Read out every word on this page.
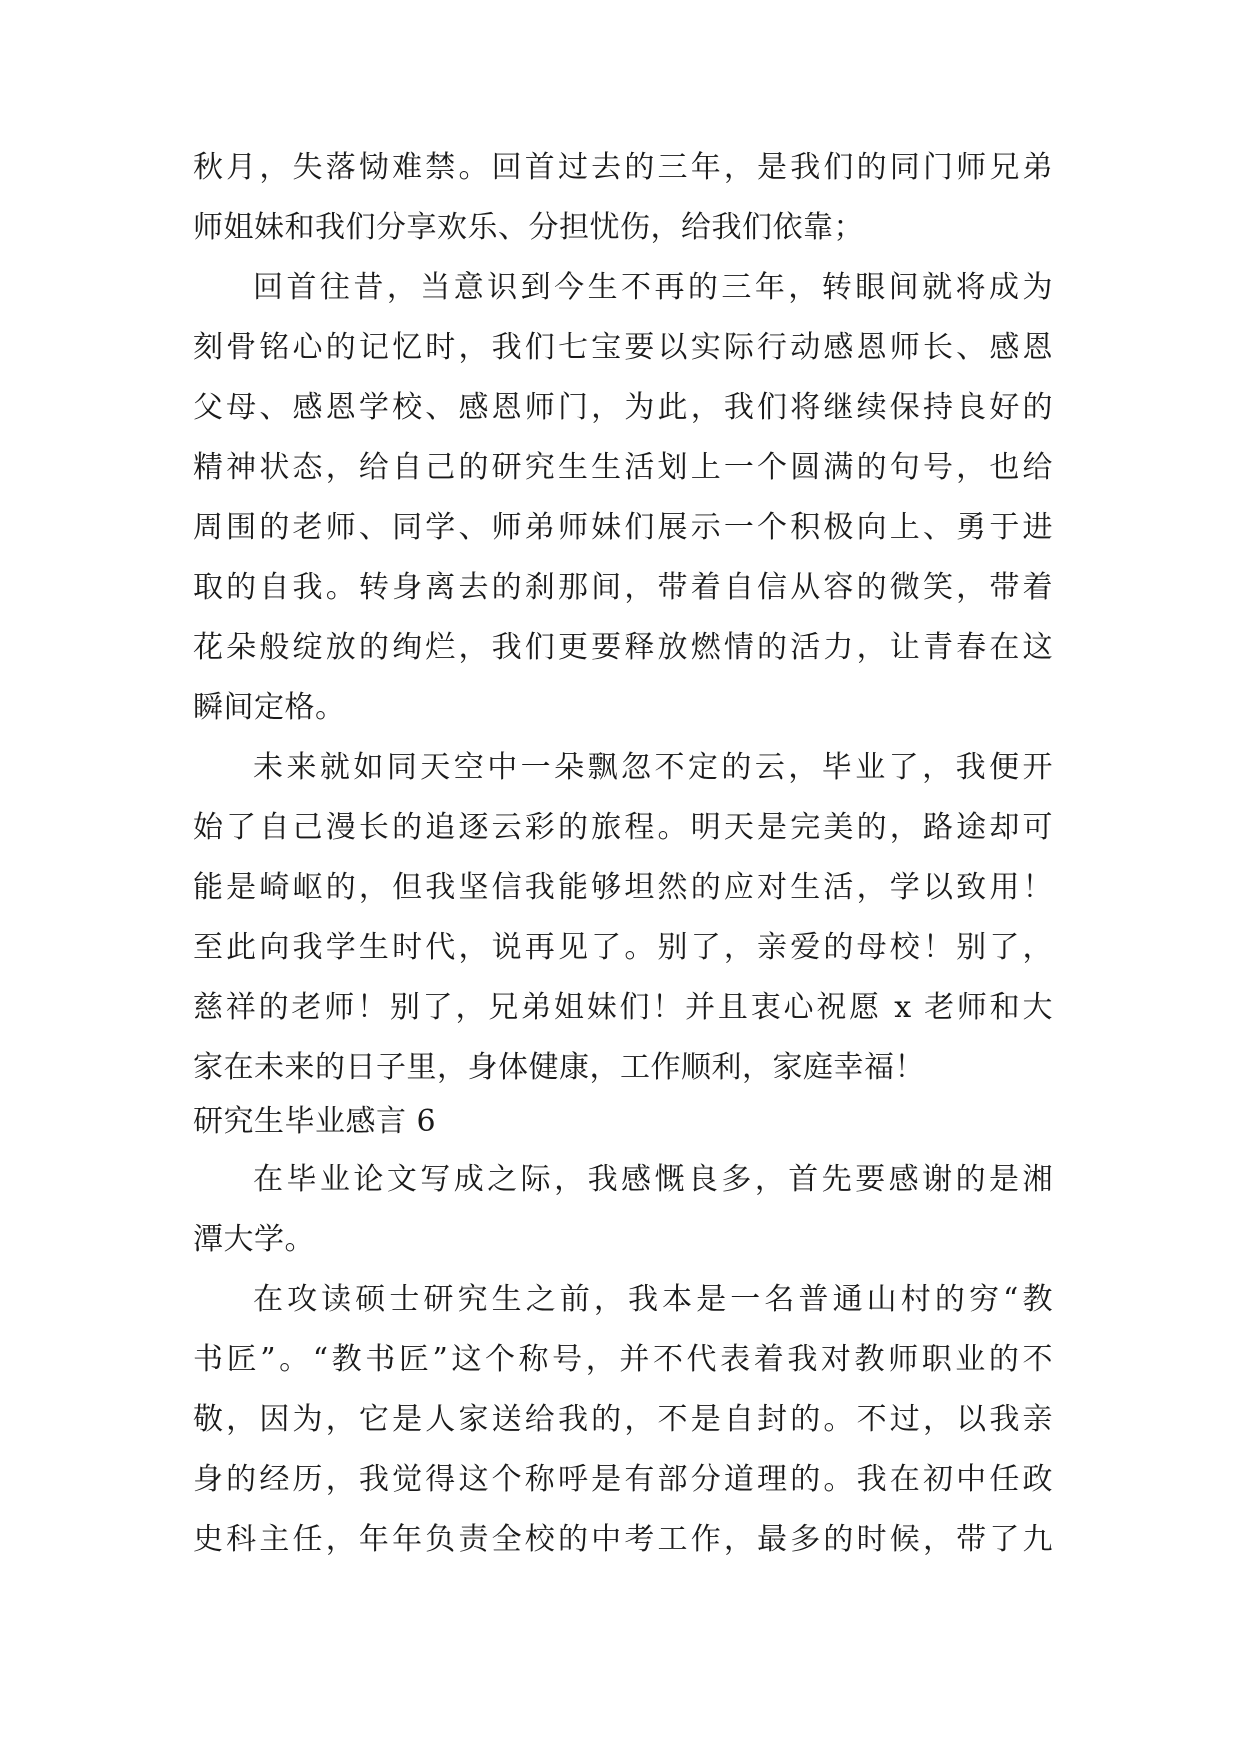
秋月，失落恸难禁。回首过去的三年，是我们的同门师兄弟

师姐妹和我们分享欢乐、分担忧伤，给我们依靠；

回首往昔，当意识到今生不再的三年，转眼间就将成为

刻骨铭心的记忆时，我们七宝要以实际行动感恩师长、感恩

父母、感恩学校、感恩师门，为此，我们将继续保持良好的

精神状态，给自己的研究生生活划上一个圆满的句号，也给

周围的老师、同学、师弟师妹们展示一个积极向上、勇于进

取的自我。转身离去的刹那间，带着自信从容的微笑，带着

花朵般绽放的绚烂，我们更要释放燃情的活力，让青春在这

瞬间定格。

未来就如同天空中一朵飘忽不定的云，毕业了，我便开

始了自己漫长的追逐云彩的旅程。明天是完美的，路途却可

能是崎岖的，但我坚信我能够坦然的应对生活，学以致用！

至此向我学生时代，说再见了。别了，亲爱的母校！别了，

慈祥的老师！别了，兄弟姐妹们！并且衷心祝愿 x 老师和大

家在未来的日子里，身体健康，工作顺利，家庭幸福！

研究生毕业感言 6

在毕业论文写成之际，我感慨良多，首先要感谢的是湘

潭大学。

在攻读硕士研究生之前，我本是一名普通山村的穷“教

书匠”。“教书匠”这个称号，并不代表着我对教师职业的不

敬，因为，它是人家送给我的，不是自封的。不过，以我亲

身的经历，我觉得这个称呼是有部分道理的。我在初中任政

史科主任，年年负责全校的中考工作，最多的时候，带了九
